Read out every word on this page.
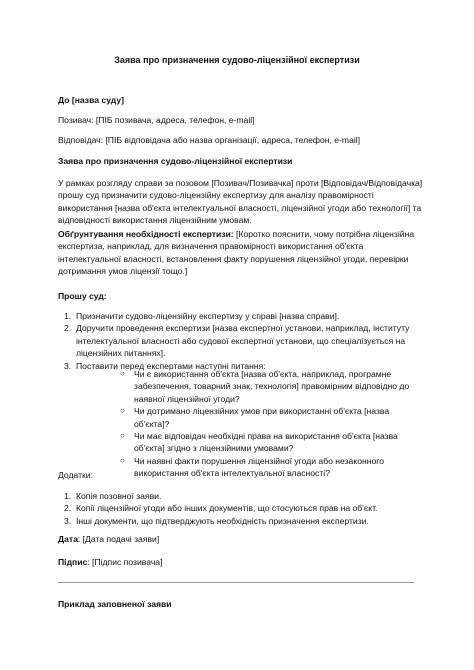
Заява про призначення судово-ліцензійної експертизи
До [назва суду]
Позивач: [ПІБ позивача, адреса, телефон, e-mail]
Відповідач: [ПІБ відповідача або назва організації, адреса, телефон, e-mail]
Заява про призначення судово-ліцензійної експертизи

У рамках розгляду справи за позовом [Позивач/Позивачка] проти [Відповідач/Відповідачка] прошу суд призначити судово-ліцензійну експертизу для аналізу правомірності використання [назва об'єкта інтелектуальної власності, ліцензійної угоди або технології] та відповідності використання ліцензійним умовам.

Обґрунтування необхідності експертизи: [Коротко пояснити, чому потрібна ліцензійна експертиза, наприклад, для визначення правомірності використання об'єкта інтелектуальної власності, встановлення факту порушення ліцензійної угоди, перевірки дотримання умов ліцензії тощо.]

Прошу суд:
1. Призначити судово-ліцензійну експертизу у справі [назва справи].
2. Доручити проведення експертизи [назва експертної установи, наприклад, інституту інтелектуальної власності або судової експертної установи, що спеціалізується на ліцензійних питаннях].
3. Поставити перед експертами наступні питання:
○ Чи є використання об'єкта [назва об'єкта, наприклад, програмне забезпечення, товарний знак, технологія] правомірним відповідно до наявної ліцензійної угоди?
○ Чи дотримано ліцензійних умов при використанні об'єкта [назва об'єкта]?
○ Чи має відповідач необхідні права на використання об'єкта [назва об'єкта] згідно з ліцензійними умовами?
○ Чи наявні факти порушення ліцензійної угоди або незаконного використання об'єкта інтелектуальної власності?
Додатки:
1. Копія позовної заяви.
2. Копії ліцензійної угоди або інших документів, що стосуються прав на об'єкт.
3. Інші документи, що підтверджують необхідність призначення експертизи.
Дата: [Дата подачі заяви]
Підпис: [Підпис позивача]
Приклад заповненої заяви
